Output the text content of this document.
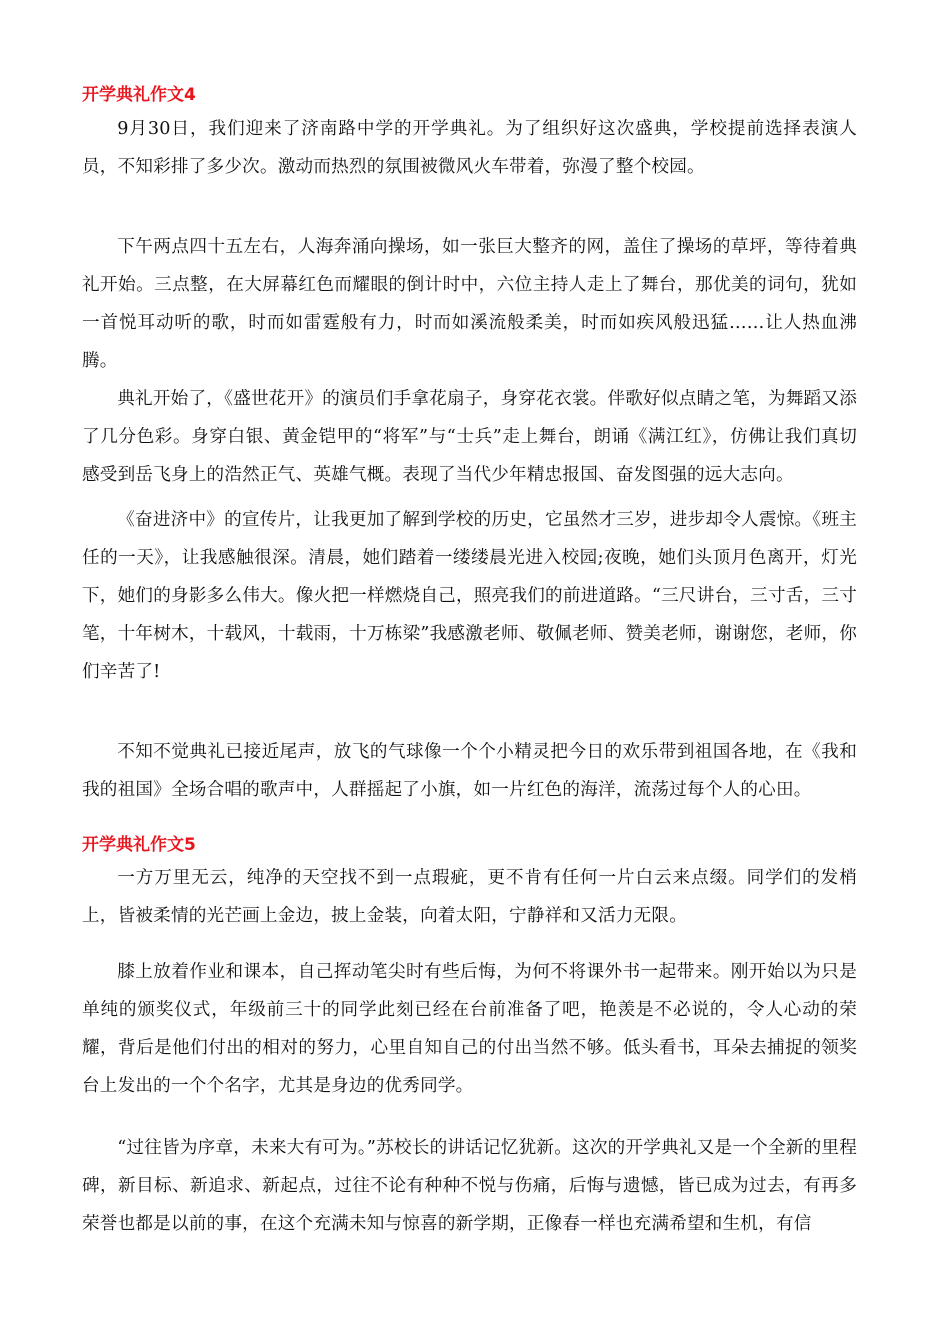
开学典礼作文4

9月30日，我们迎来了济南路中学的开学典礼。为了组织好这次盛典，学校提前选择表演人员，不知彩排了多少次。激动而热烈的氛围被微风火车带着，弥漫了整个校园。

下午两点四十五左右，人海奔涌向操场，如一张巨大整齐的网，盖住了操场的草坪，等待着典礼开始。三点整，在大屏幕红色而耀眼的倒计时中，六位主持人走上了舞台，那优美的词句，犹如一首悦耳动听的歌，时而如雷霆般有力，时而如溪流般柔美，时而如疾风般迅猛……让人热血沸腾。

典礼开始了，《盛世花开》的演员们手拿花扇子，身穿花衣裳。伴歌好似点睛之笔，为舞蹈又添了几分色彩。身穿白银、黄金铠甲的“将军”与“士兵”走上舞台，朗诵《满江红》，仿佛让我们真切感受到岳飞身上的浩然正气、英雄气概。表现了当代少年精忠报国、奋发图强的远大志向。

《奋进济中》的宣传片，让我更加了解到学校的历史，它虽然才三岁，进步却令人震惊。《班主任的一天》，让我感触很深。清晨，她们踏着一缕缕晨光进入校园;夜晚，她们头顶月色离开，灯光下，她们的身影多么伟大。像火把一样燃烧自己，照亮我们的前进道路。“三尺讲台，三寸舌，三寸笔，十年树木，十载风，十载雨，十万栋梁”我感激老师、敬佩老师、赞美老师，谢谢您，老师，你们辛苦了!

不知不觉典礼已接近尾声，放飞的气球像一个个小精灵把今日的欢乐带到祖国各地，在《我和我的祖国》全场合唱的歌声中，人群摇起了小旗，如一片红色的海洋，流荡过每个人的心田。

开学典礼作文5

一方万里无云，纯净的天空找不到一点瑕疵，更不肯有任何一片白云来点缀。同学们的发梢上，皆被柔情的光芒画上金边，披上金装，向着太阳，宁静祥和又活力无限。

膝上放着作业和课本，自己挥动笔尖时有些后悔，为何不将课外书一起带来。刚开始以为只是单纯的颁奖仪式，年级前三十的同学此刻已经在台前准备了吧，艳羡是不必说的，令人心动的荣耀，背后是他们付出的相对的努力，心里自知自己的付出当然不够。低头看书，耳朵去捕捉的领奖台上发出的一个个名字，尤其是身边的优秀同学。

“过往皆为序章，未来大有可为。”苏校长的讲话记忆犹新。这次的开学典礼又是一个全新的里程碑，新目标、新追求、新起点，过往不论有种种不悦与伤痛，后悔与遗憾，皆已成为过去，有再多荣誉也都是以前的事，在这个充满未知与惊喜的新学期，正像春一样也充满希望和生机，有信
